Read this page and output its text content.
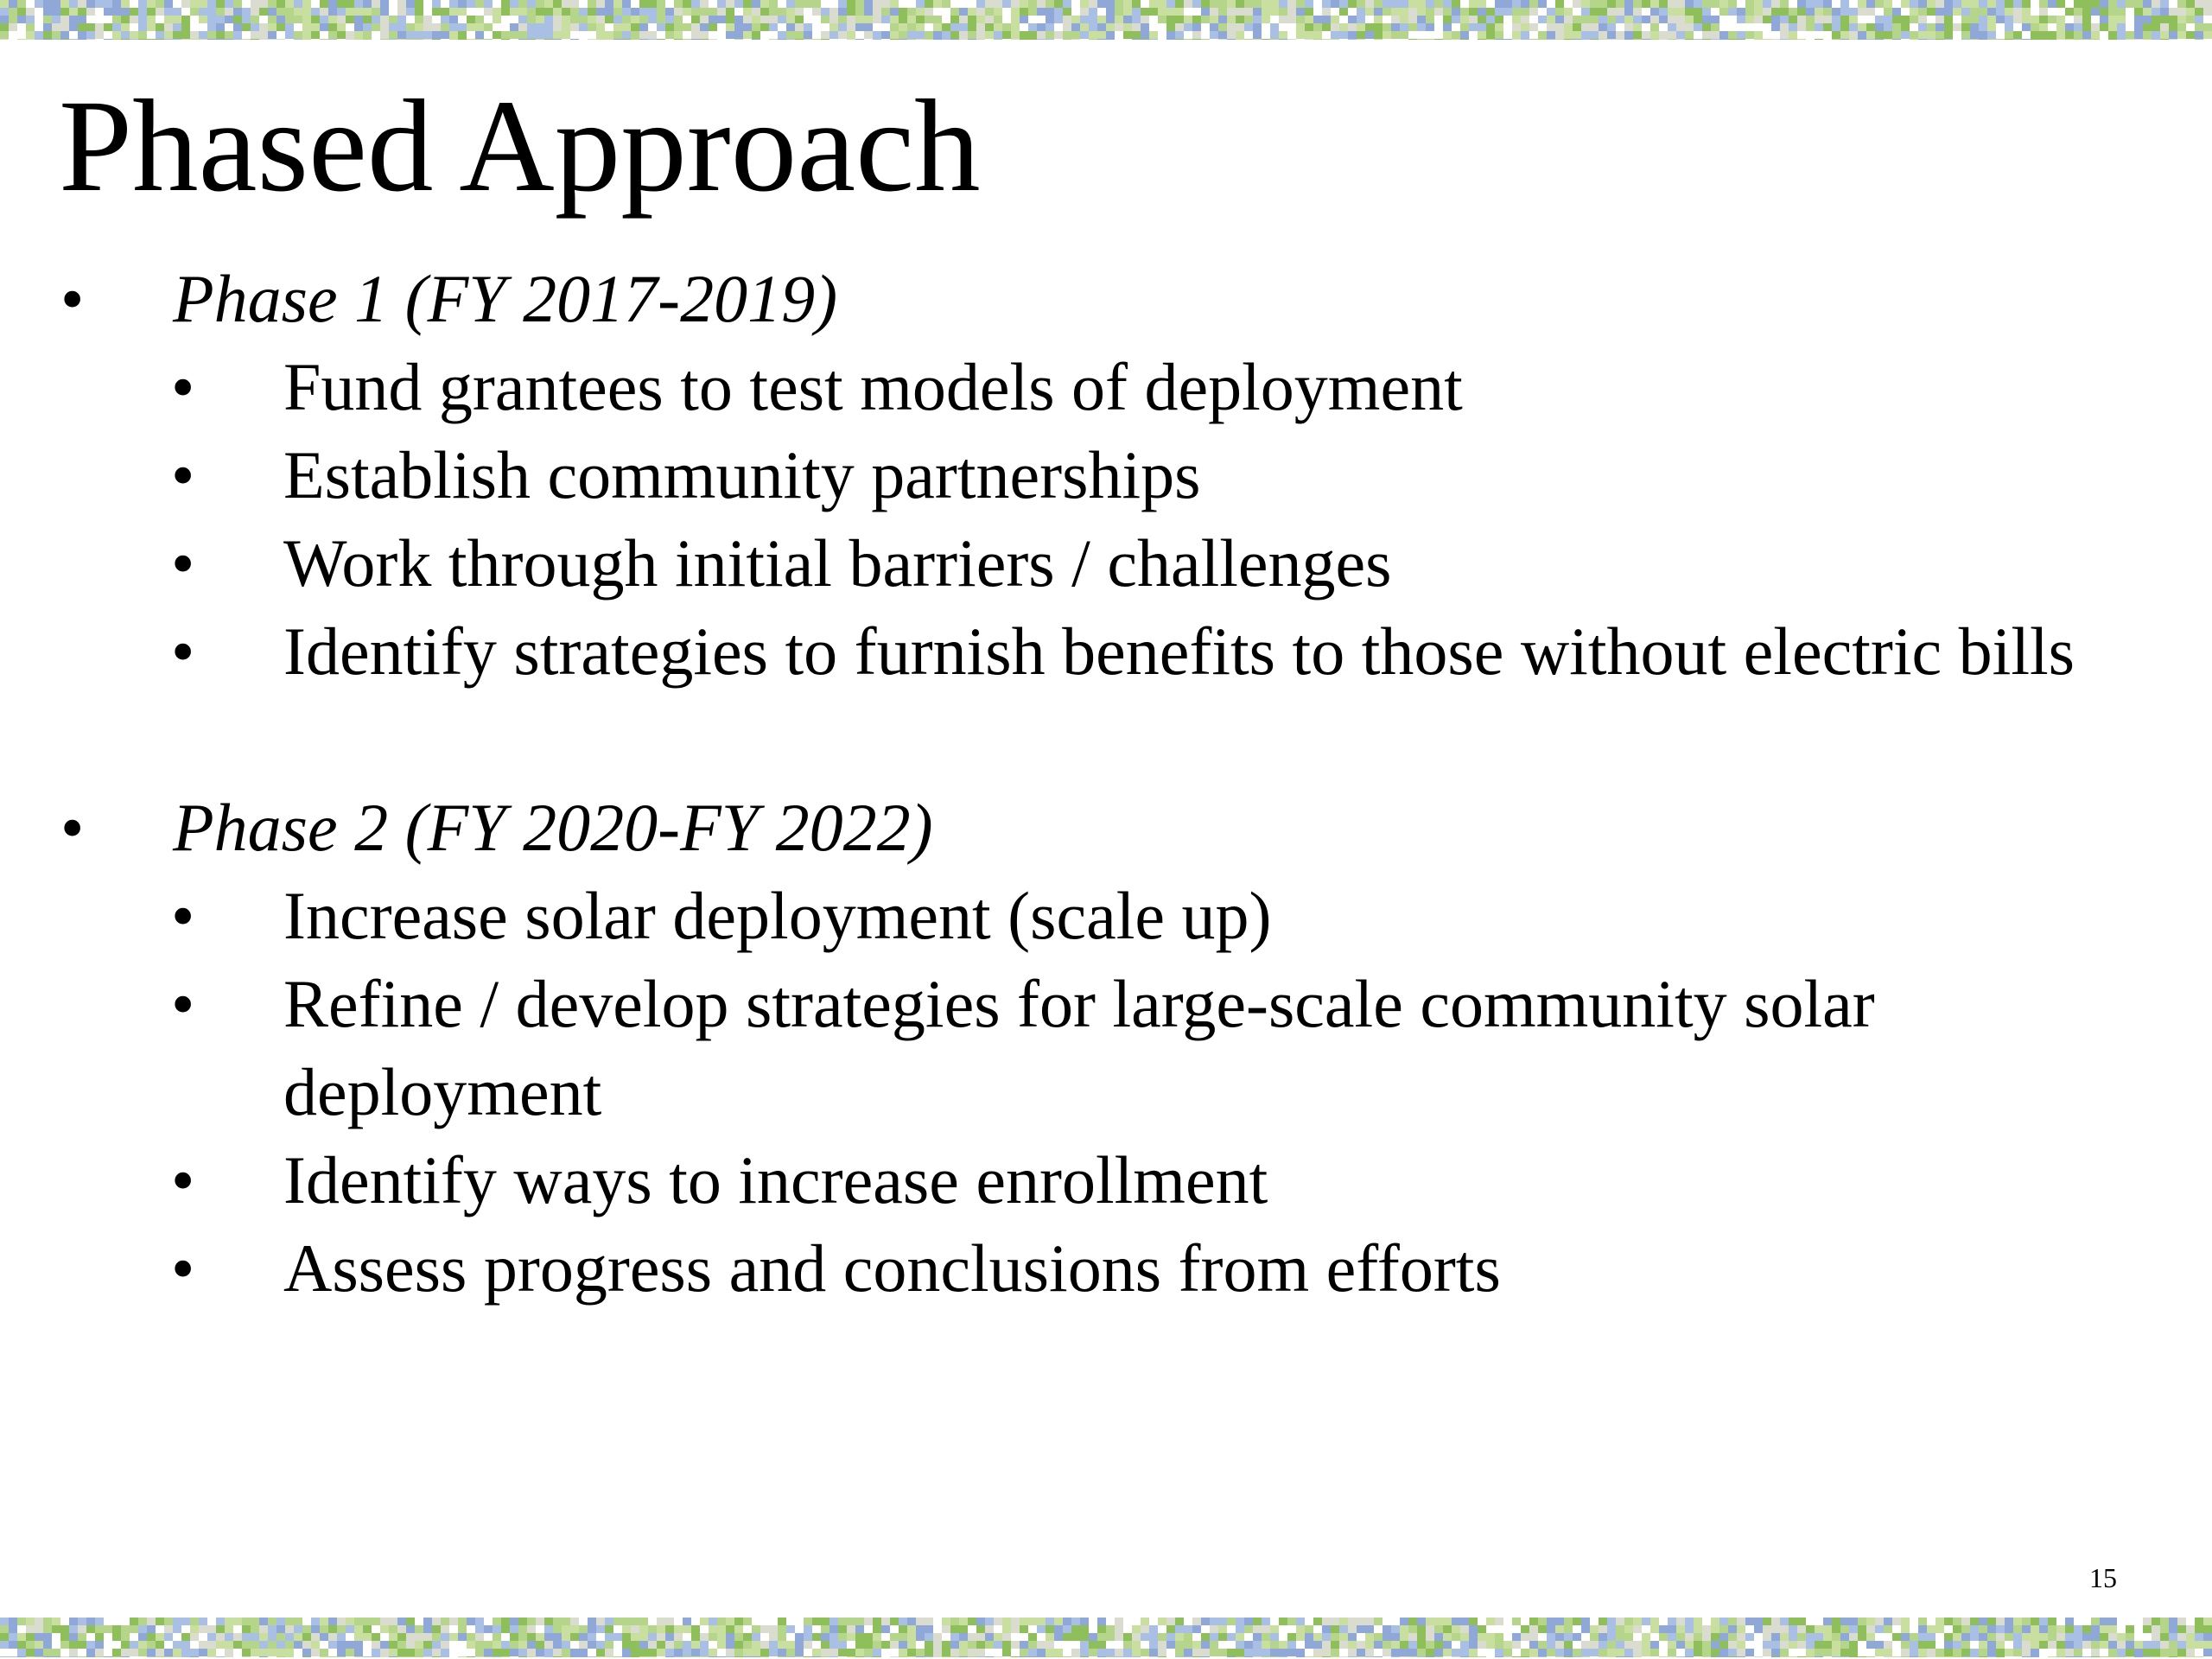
Phased Approach
• Phase 1 (FY 2017-2019)
• Fund grantees to test models of deployment
• Establish community partnerships
• Work through initial barriers / challenges
• Identify strategies to furnish benefits to those without electric bills
• Phase 2 (FY 2020-FY 2022)
• Increase solar deployment (scale up)
• Refine / develop strategies for large-scale community solar deployment
• Identify ways to increase enrollment
• Assess progress and conclusions from efforts
15
